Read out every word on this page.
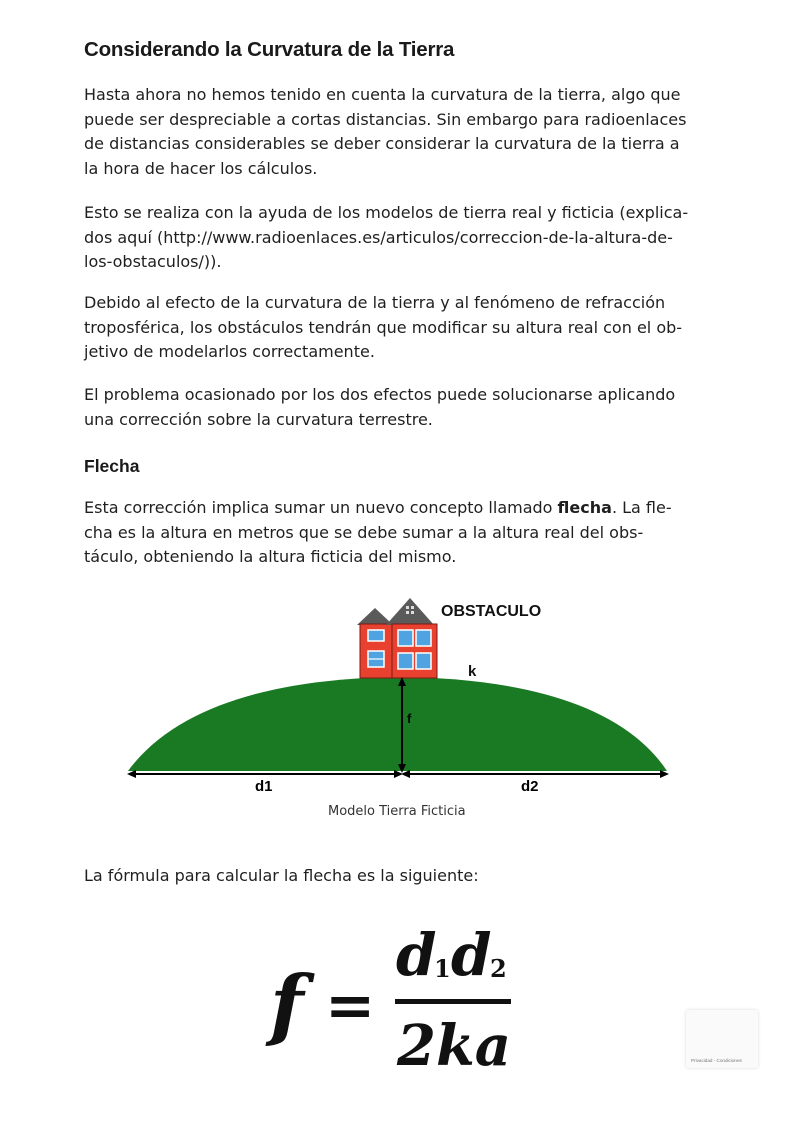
Considerando la Curvatura de la Tierra
Hasta ahora no hemos tenido en cuenta la curvatura de la tierra, algo que
puede ser despreciable a cortas distancias. Sin embargo para radioenlaces
de distancias considerables se deber considerar la curvatura de la tierra a
la hora de hacer los cálculos.
Esto se realiza con la ayuda de los modelos de tierra real y ficticia (explica-
dos aquí (http://www.radioenlaces.es/articulos/correccion-de-la-altura-de-
los-obstaculos/)).
Debido al efecto de la curvatura de la tierra y al fenómeno de refracción
troposférica, los obstáculos tendrán que modificar su altura real con el ob-
jetivo de modelarlos correctamente.
El problema ocasionado por los dos efectos puede solucionarse aplicando
una corrección sobre la curvatura terrestre.
Flecha
Esta corrección implica sumar un nuevo concepto llamado flecha. La fle-
cha es la altura en metros que se debe sumar a la altura real del obs-
táculo, obteniendo la altura ficticia del mismo.
OBSTACULO
k
f
d1	d2
Modelo Tierra Ficticia
La fórmula para calcular la flecha es la siguiente:
f =
d
1 d
2
2ka	Privacidad - Condiciones
